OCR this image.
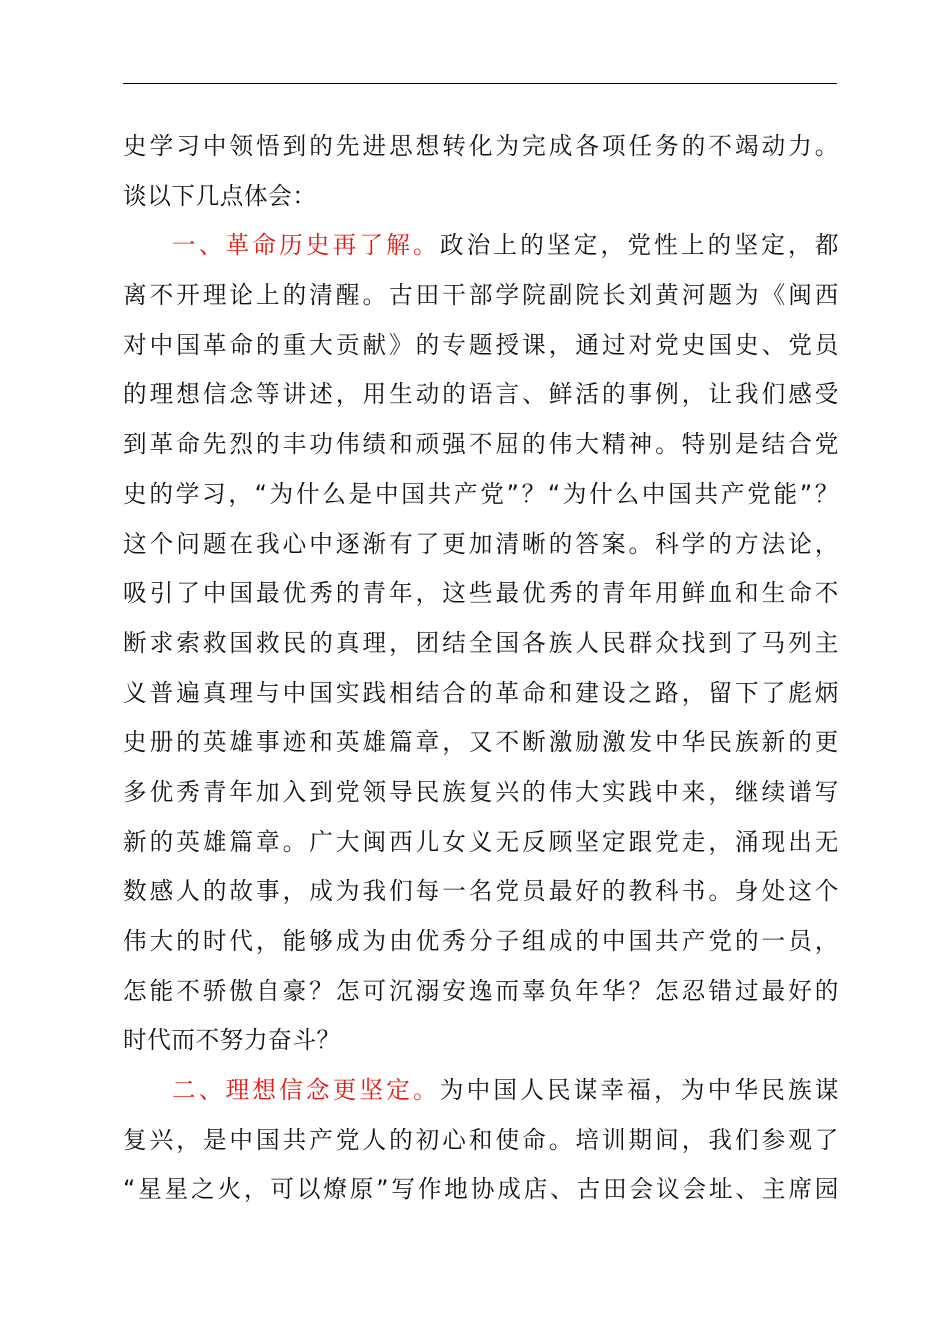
史学习中领悟到的先进思想转化为完成各项任务的不竭动力。
谈以下几点体会：
一、革命历史再了解。政治上的坚定，党性上的坚定，都
离不开理论上的清醒。古田干部学院副院长刘黄河题为《闽西
对中国革命的重大贡献》的专题授课，通过对党史国史、党员
的理想信念等讲述，用生动的语言、鲜活的事例，让我们感受
到革命先烈的丰功伟绩和顽强不屈的伟大精神。特别是结合党
史的学习，“为什么是中国共产党”？“为什么中国共产党能”？
这个问题在我心中逐渐有了更加清晰的答案。科学的方法论，
吸引了中国最优秀的青年，这些最优秀的青年用鲜血和生命不
断求索救国救民的真理，团结全国各族人民群众找到了马列主
义普遍真理与中国实践相结合的革命和建设之路，留下了彪炳
史册的英雄事迹和英雄篇章，又不断激励激发中华民族新的更
多优秀青年加入到党领导民族复兴的伟大实践中来，继续谱写
新的英雄篇章。广大闽西儿女义无反顾坚定跟党走，涌现出无
数感人的故事，成为我们每一名党员最好的教科书。身处这个
伟大的时代，能够成为由优秀分子组成的中国共产党的一员，
怎能不骄傲自豪？怎可沉溺安逸而辜负年华？怎忍错过最好的
时代而不努力奋斗？
二、理想信念更坚定。为中国人民谋幸福，为中华民族谋
复兴，是中国共产党人的初心和使命。培训期间，我们参观了
“星星之火，可以燎原”写作地协成店、古田会议会址、主席园
